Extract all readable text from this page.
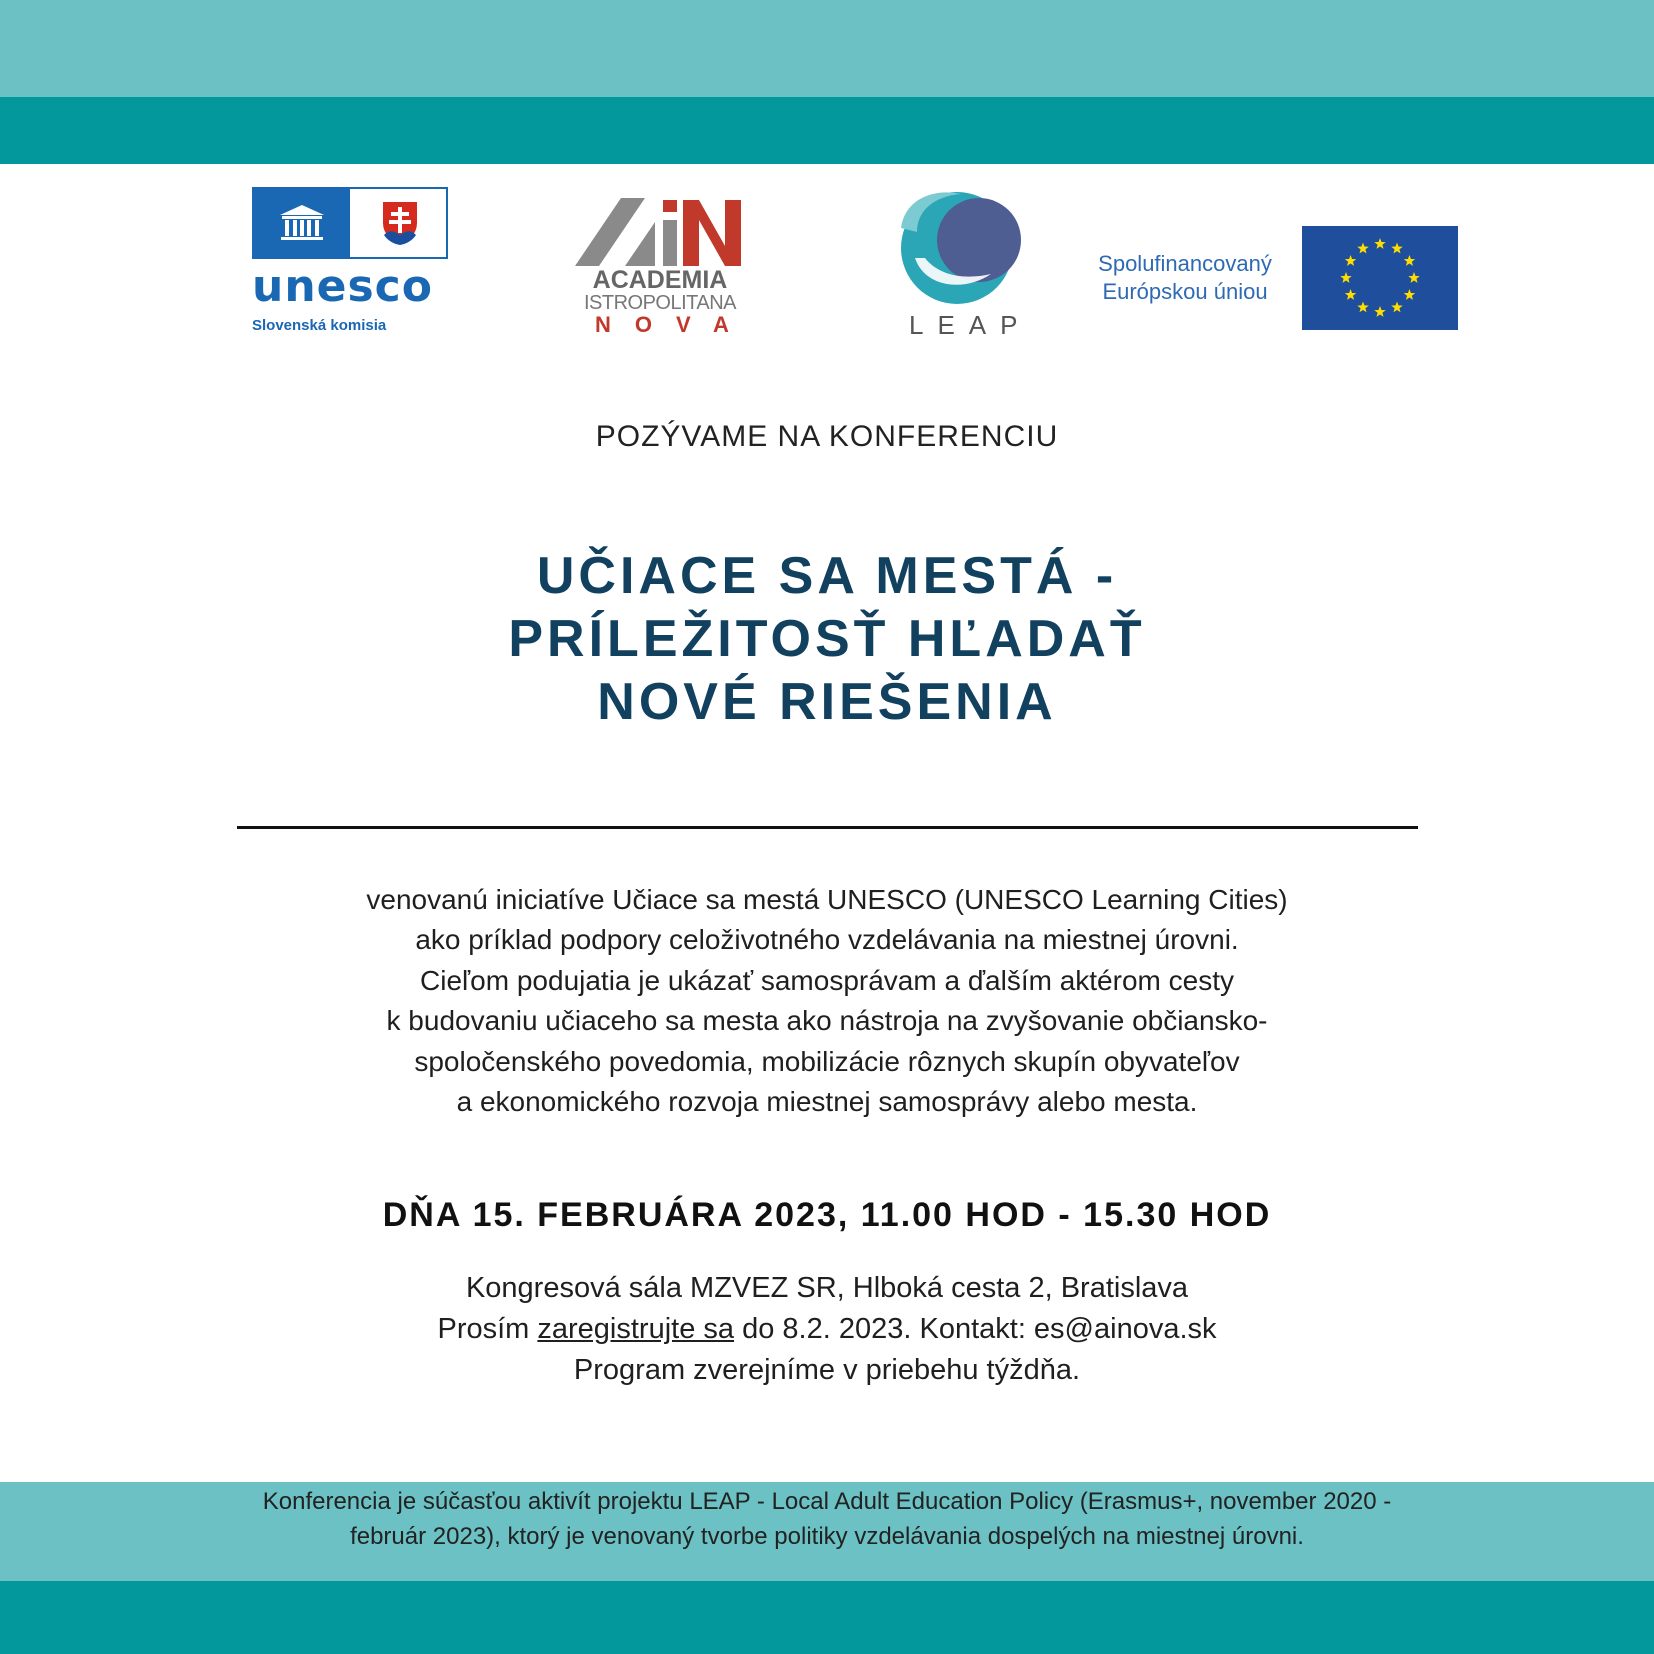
unesco
Slovenská komisia
ACADEMIA
ISTROPOLITANA
NOVA	LEAP
Spolufinancovaný
Európskou úniou
POZÝVAME NA KONFERENCIU
UČIACE SA MESTÁ -
PRÍLEŽITOSŤ HĽADAŤ
NOVÉ RIEŠENIA
venovanú iniciatíve Učiace sa mestá UNESCO (UNESCO Learning Cities)
ako príklad podpory celoživotného vzdelávania na miestnej úrovni.
Cieľom podujatia je ukázať samosprávam a ďalším aktérom cesty
k budovaniu učiaceho sa mesta ako nástroja na zvyšovanie občiansko-
spoločenského povedomia, mobilizácie rôznych skupín obyvateľov
a ekonomického rozvoja miestnej samosprávy alebo mesta.
DŇA 15. FEBRUÁRA 2023, 11.00 HOD - 15.30 HOD
Kongresová sála MZVEZ SR, Hlboká cesta 2, Bratislava
Prosím zaregistrujte sa do 8.2. 2023. Kontakt: es@ainova.sk
Program zverejníme v priebehu týždňa.
Konferencia je súčasťou aktivít projektu LEAP - Local Adult Education Policy (Erasmus+, november 2020 -
február 2023), ktorý je venovaný tvorbe politiky vzdelávania dospelých na miestnej úrovni.
